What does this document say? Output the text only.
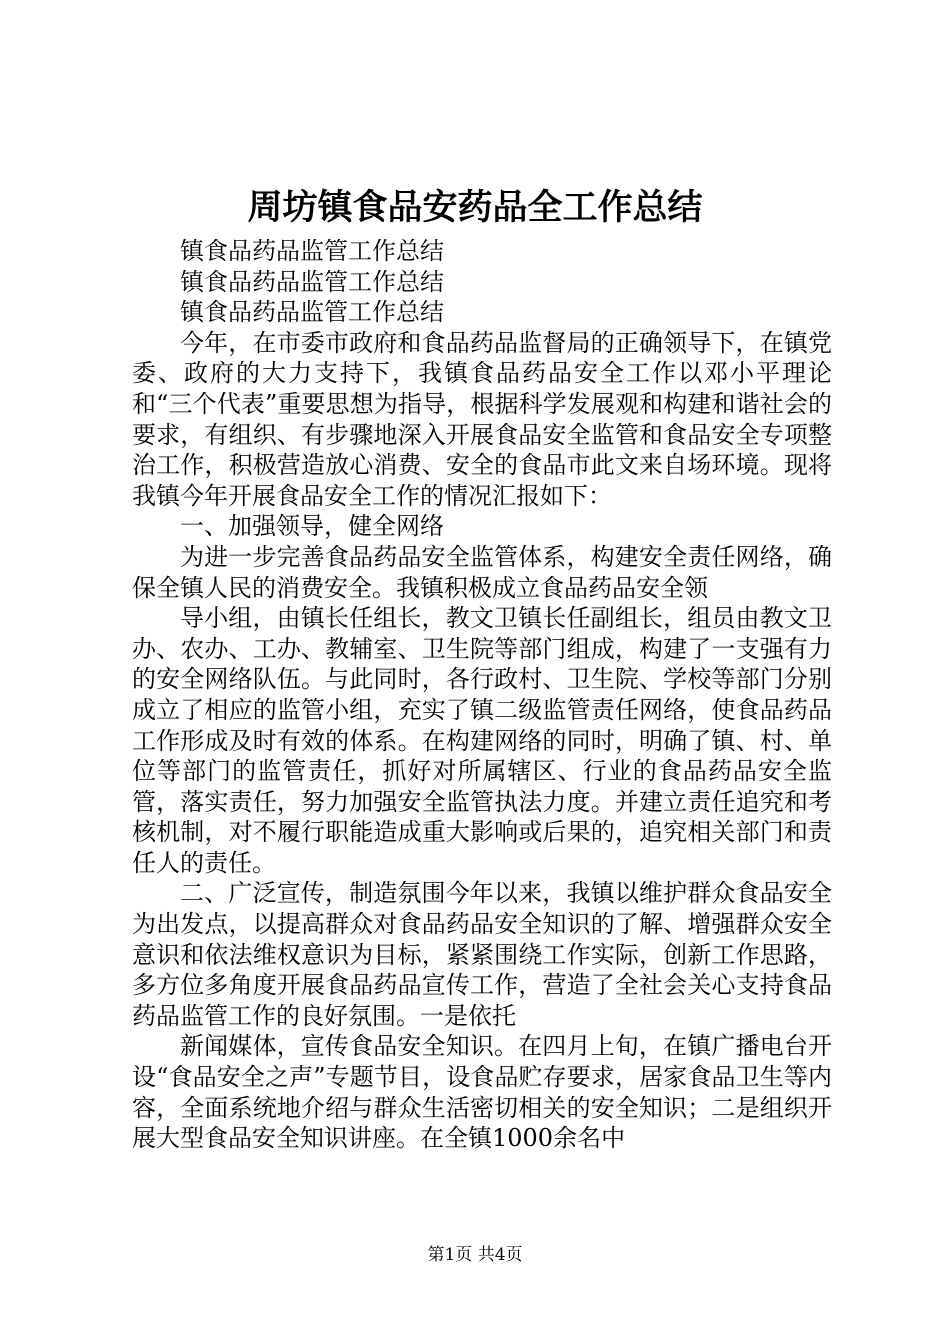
周坊镇食品安药品全工作总结

镇食品药品监管工作总结

镇食品药品监管工作总结

镇食品药品监管工作总结

今年，在市委市政府和食品药品监督局的正确领导下，在镇党委、政府的大力支持下，我镇食品药品安全工作以邓小平理论和“三个代表”重要思想为指导，根据科学发展观和构建和谐社会的要求，有组织、有步骤地深入开展食品安全监管和食品安全专项整治工作，积极营造放心消费、安全的食品市此文来自场环境。现将我镇今年开展食品安全工作的情况汇报如下：

一、加强领导，健全网络

为进一步完善食品药品安全监管体系，构建安全责任网络，确保全镇人民的消费安全。我镇积极成立食品药品安全领

导小组，由镇长任组长，教文卫镇长任副组长，组员由教文卫办、农办、工办、教辅室、卫生院等部门组成，构建了一支强有力的安全网络队伍。与此同时，各行政村、卫生院、学校等部门分别成立了相应的监管小组，充实了镇二级监管责任网络，使食品药品工作形成及时有效的体系。在构建网络的同时，明确了镇、村、单位等部门的监管责任，抓好对所属辖区、行业的食品药品安全监管，落实责任，努力加强安全监管执法力度。并建立责任追究和考核机制，对不履行职能造成重大影响或后果的，追究相关部门和责任人的责任。

二、广泛宣传，制造氛围今年以来，我镇以维护群众食品安全为出发点，以提高群众对食品药品安全知识的了解、增强群众安全意识和依法维权意识为目标，紧紧围绕工作实际，创新工作思路，多方位多角度开展食品药品宣传工作，营造了全社会关心支持食品药品监管工作的良好氛围。一是依托

新闻媒体，宣传食品安全知识。在四月上旬，在镇广播电台开设“食品安全之声”专题节目，设食品贮存要求，居家食品卫生等内容，全面系统地介绍与群众生活密切相关的安全知识；二是组织开展大型食品安全知识讲座。在全镇1000余名中

第1页 共4页
